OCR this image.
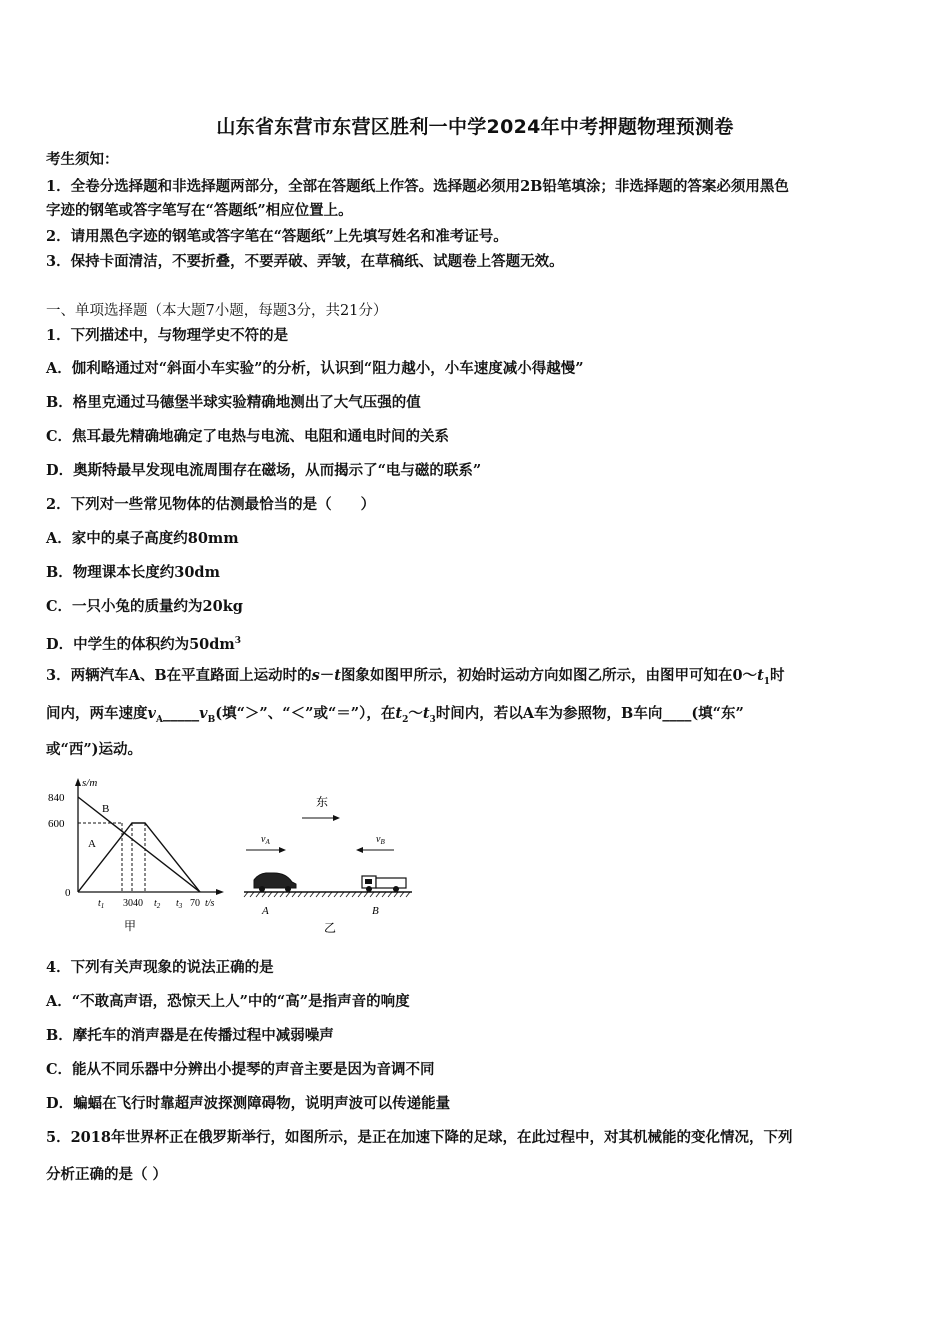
山东省东营市东营区胜利一中学2024年中考押题物理预测卷
考生须知：
1．全卷分选择题和非选择题两部分，全部在答题纸上作答。选择题必须用2B铅笔填涂；非选择题的答案必须用黑色
字迹的钢笔或答字笔写在“答题纸”相应位置上。
2．请用黑色字迹的钢笔或答字笔在“答题纸”上先填写姓名和准考证号。
3．保持卡面清洁，不要折叠，不要弄破、弄皱，在草稿纸、试题卷上答题无效。
一、单项选择题（本大题7小题，每题3分，共21分）
1．下列描述中，与物理学史不符的是
A．伽利略通过对“斜面小车实验”的分析，认识到“阻力越小，小车速度减小得越慢”
B．格里克通过马德堡半球实验精确地测出了大气压强的值
C．焦耳最先精确地确定了电热与电流、电阻和通电时间的关系
D．奥斯特最早发现电流周围存在磁场，从而揭示了“电与磁的联系”
2．下列对一些常见物体的估测最恰当的是（　　）
A．家中的桌子高度约80mm
B．物理课本长度约30dm
C．一只小兔的质量约为20kg
D．中学生的体积约为$50dm^3$
3．两辆汽车A、B在平直路面上运动时的s－t图象如图甲所示，初始时运动方向如图乙所示，由图甲可知在$0\sim t_1$时
间内，两车速度$v_A\_\_\_\_\_v_B$(填“＞”、“＜”或“＝”），在$t_2\sim t_3$时间内，若以A车为参照物，B车向____(填“东”
或“西”)运动。
s/m
840
600
0
B
A
$t_1$ 3040 $t_2$ $t_3$ 70 t/s
甲
东
$v_A$	$v_B$
A	B
乙
4．下列有关声现象的说法正确的是
A．“不敢高声语，恐惊天上人”中的“高”是指声音的响度
B．摩托车的消声器是在传播过程中减弱噪声
C．能从不同乐器中分辨出小提琴的声音主要是因为音调不同
D．蝙蝠在飞行时靠超声波探测障碍物，说明声波可以传递能量
5．2018年世界杯正在俄罗斯举行，如图所示，是正在加速下降的足球，在此过程中，对其机械能的变化情况，下列
分析正确的是（ ）
